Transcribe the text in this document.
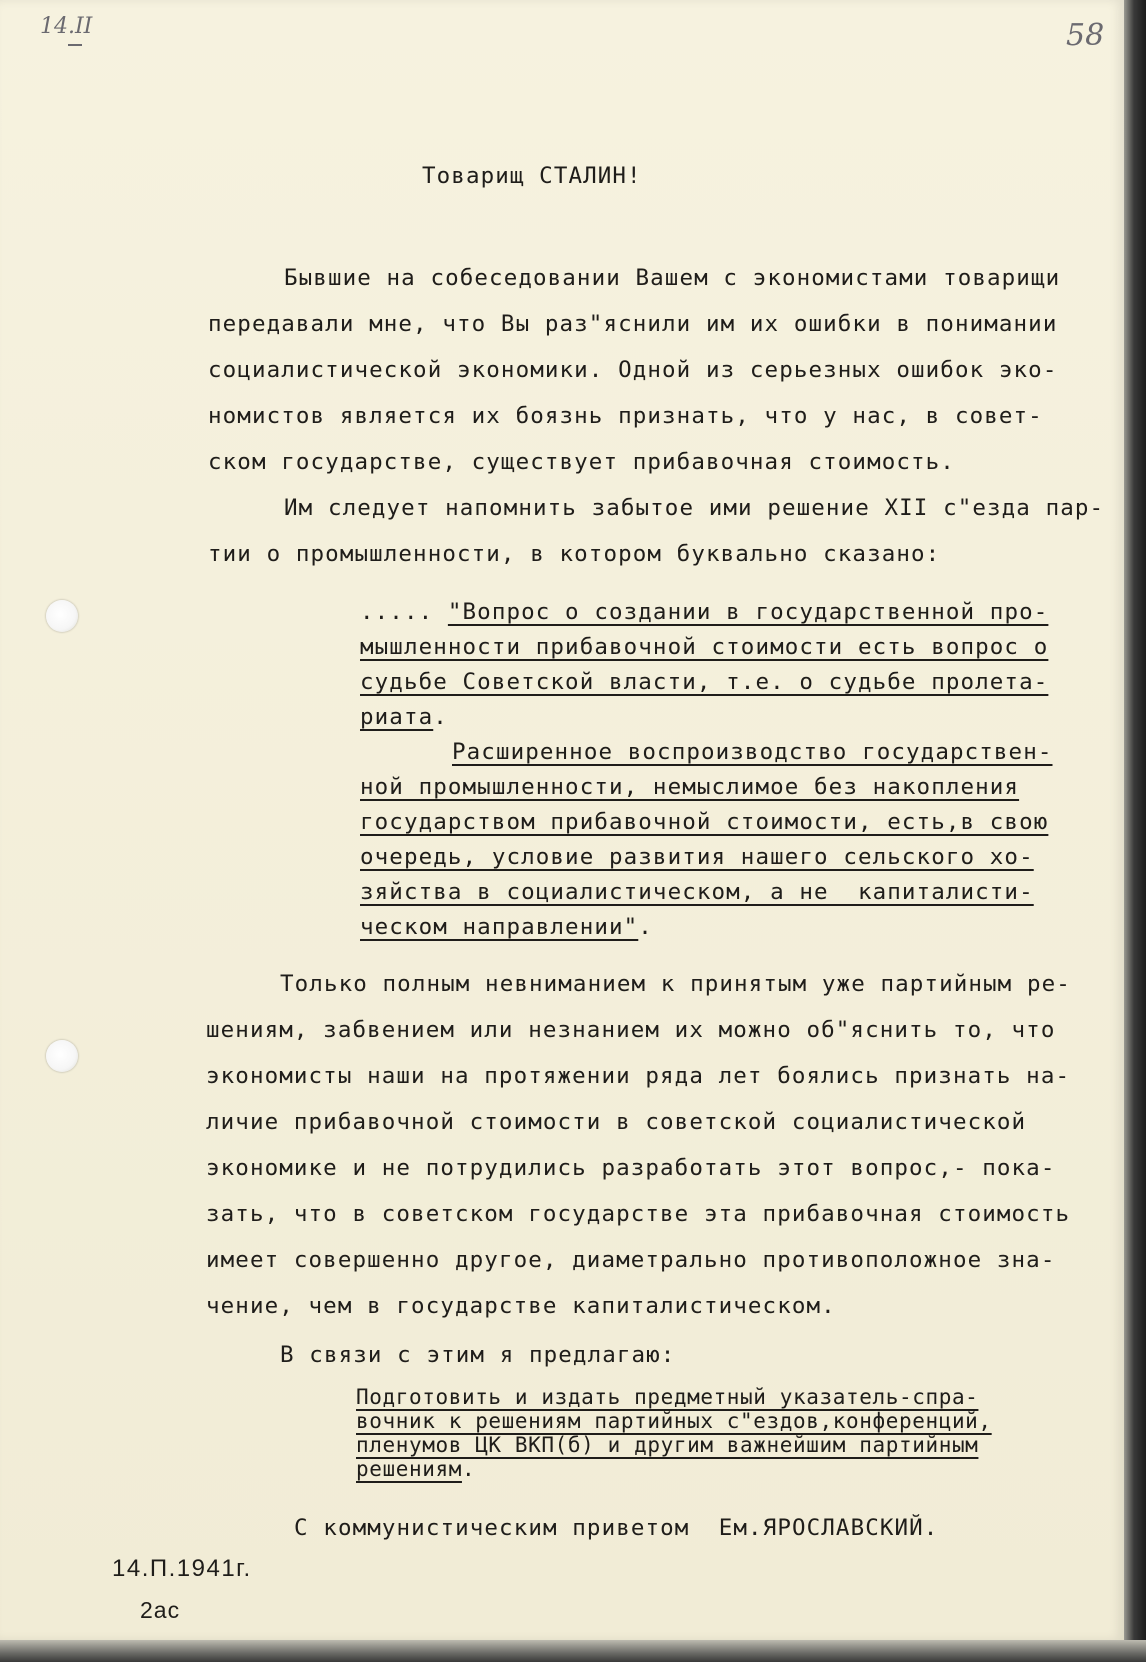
14.II	58
Товарищ СТАЛИН!
Бывшие на собеседовании Вашем с экономистами товарищи
передавали мне, что Вы раз"яснили им их ошибки в понимании
социалистической экономики. Одной из серьезных ошибок эко-
номистов является их боязнь признать, что у нас, в совет-
ском государстве, существует прибавочная стоимость.
Им следует напомнить забытое ими решение XII с"езда пар-
тии о промышленности, в котором буквально сказано:
..... "Вопрос о создании в государственной про-
мышленности прибавочной стоимости есть вопрос о
судьбе Советской власти, т.е. о судьбе пролета-
риата.
Расширенное воспроизводство государствен-
ной промышленности, немыслимое без накопления
государством прибавочной стоимости, есть,в свою
очередь, условие развития нашего сельского хо-
зяйства в социалистическом, а не  капиталисти-
ческом направлении".
Только полным невниманием к принятым уже партийным ре-
шениям, забвением или незнанием их можно об"яснить то, что
экономисты наши на протяжении ряда лет боялись признать на-
личие прибавочной стоимости в советской социалистической
экономике и не потрудились разработать этот вопрос,- пока-
зать, что в советском государстве эта прибавочная стоимость
имеет совершенно другое, диаметрально противоположное зна-
чение, чем в государстве капиталистическом.
В связи с этим я предлагаю:
Подготовить и издать предметный указатель-спра-
вочник к решениям партийных с"ездов,конференций,
пленумов ЦК ВКП(б) и другим важнейшим партийным
решениям.
С коммунистическим приветом Ем.ЯРОСЛАВСКИЙ.
14.П.1941г.
2ас
